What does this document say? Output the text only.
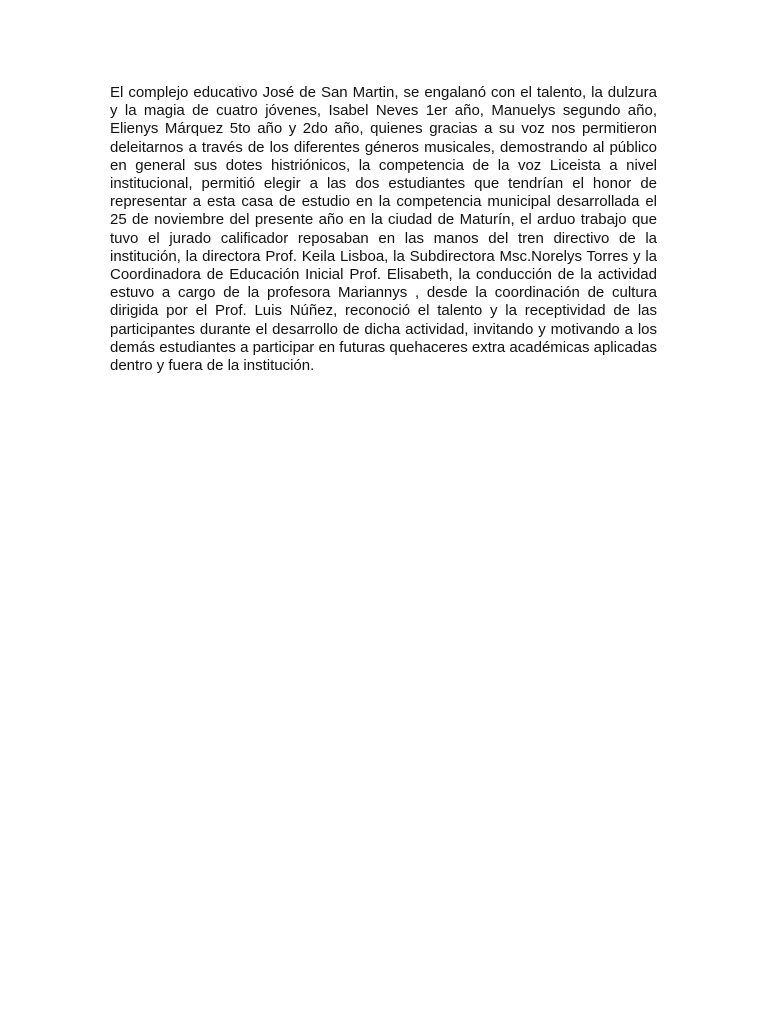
El complejo educativo José de San Martin, se engalanó con el talento, la dulzura y la magia de cuatro jóvenes, Isabel Neves 1er año, Manuelys segundo año, Elienys Márquez 5to año y 2do año, quienes gracias a su voz nos permitieron deleitarnos a través de los diferentes géneros musicales, demostrando al público en general sus dotes histriónicos, la competencia de la voz Liceista a nivel institucional, permitió elegir a las dos estudiantes que tendrían el honor de representar a esta casa de estudio en la competencia municipal desarrollada el 25 de noviembre del presente año en la ciudad de Maturín, el arduo trabajo que tuvo el jurado calificador reposaban en las manos del tren directivo de la institución, la directora Prof. Keila Lisboa, la Subdirectora Msc.Norelys Torres y la Coordinadora de Educación Inicial Prof. Elisabeth, la conducción de la actividad estuvo a cargo de la profesora Mariannys , desde la coordinación de cultura dirigida por el Prof. Luis Núñez, reconoció el talento y la receptividad de las participantes durante el desarrollo de dicha actividad, invitando y motivando a los demás estudiantes a participar en futuras quehaceres extra académicas aplicadas dentro y fuera de la institución.
